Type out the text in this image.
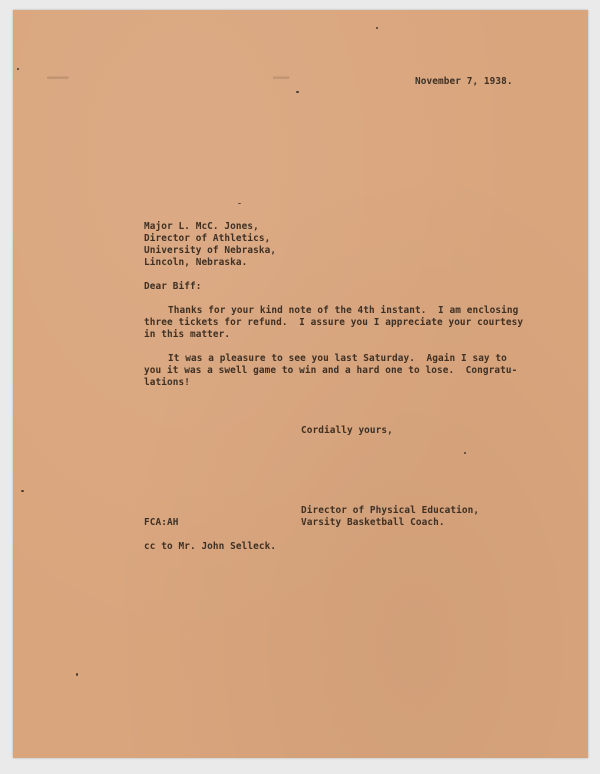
▬▬▬▬	▬▬▬	November 7, 1938.
Major L. McC. Jones,
Director of Athletics,
University of Nebraska,
Lincoln, Nebraska.
Dear Biff:
Thanks for your kind note of the 4th instant.  I am enclosing
three tickets for refund.  I assure you I appreciate your courtesy
in this matter.
It was a pleasure to see you last Saturday.  Again I say to
you it was a swell game to win and a hard one to lose.  Congratu-
lations!
Cordially yours,
Director of Physical Education,
Varsity Basketball Coach.
FCA:AH
cc to Mr. John Selleck.
